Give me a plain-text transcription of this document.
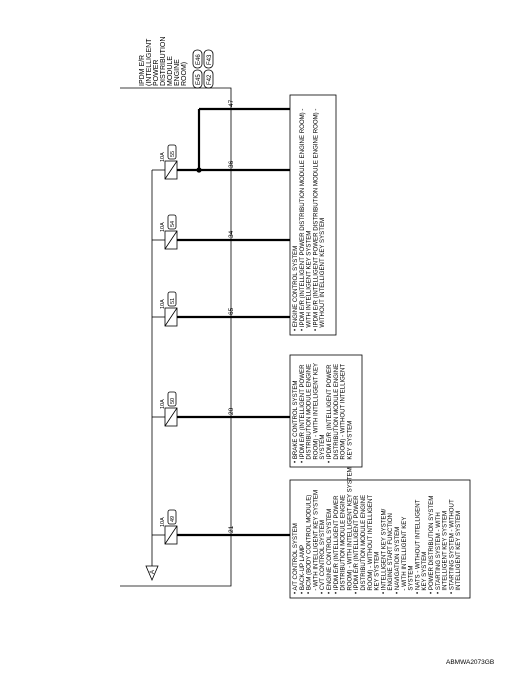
A
10A 49
10A 50
10A 51
10A 54
10A 55
21
20
65
34
36
47
IPDM E/R (INTELLIGENT POWER DISTRIBUTION MODULE ENGINE ROOM) E45
E46
F42
F43
• A/T CONTROL SYSTEM • BACK-UP LAMP • BCM (BODY CONTROL MODULE) - WITH INTELLIGENT KEY SYSTEM • CVT CONTROL SYSTEM • ENGINE CONTROL SYSTEM • IPDM E/R (INTELLIGENT POWER DISTRIBUTION MODULE ENGINE ROOM) - WITH INTELLIGENT KEY SYSTEM • IPDM E/R (INTELLIGENT POWER DISTRIBUTION MODULE ENGINE ROOM) - WITHOUT INTELLIGENT KEY SYSTEM • INTELLIGENT KEY SYSTEM/ ENGINE START FUNCTION • NAVIGATION SYSTEM - WITH INTELLIGENT KEY SYSTEM • NATS - WITHOUT INTELLIGENT KEY SYSTEM • POWER DISTRIBUTION SYSTEM • STARTING SYSTEM - WITH INTELLIGENT KEY SYSTEM • STARTING SYSTEM - WITHOUT INTELLIGENT KEY SYSTEM
• BRAKE CONTROL SYSTEM • IPDM E/R (INTELLIGENT POWER DISTRIBUTION MODULE ENGINE ROOM) - WITH INTELLIGENT KEY SYSTEM • IPDM E/R (INTELLIGENT POWER DISTRIBUTION MODULE ENGINE ROOM) - WITHOUT INTELLIGENT KEY SYSTEM
• ENGINE CONTROL SYSTEM • IPDM E/R (INTELLIGENT POWER DISTRIBUTION MODULE ENGINE ROOM) - WITH INTELLIGENT KEY SYSTEM • IPDM E/R (INTELLIGENT POWER DISTRIBUTION MODULE ENGINE ROOM) - WITHOUT INTELLIGENT KEY SYSTEM
ABMWA2073GB
